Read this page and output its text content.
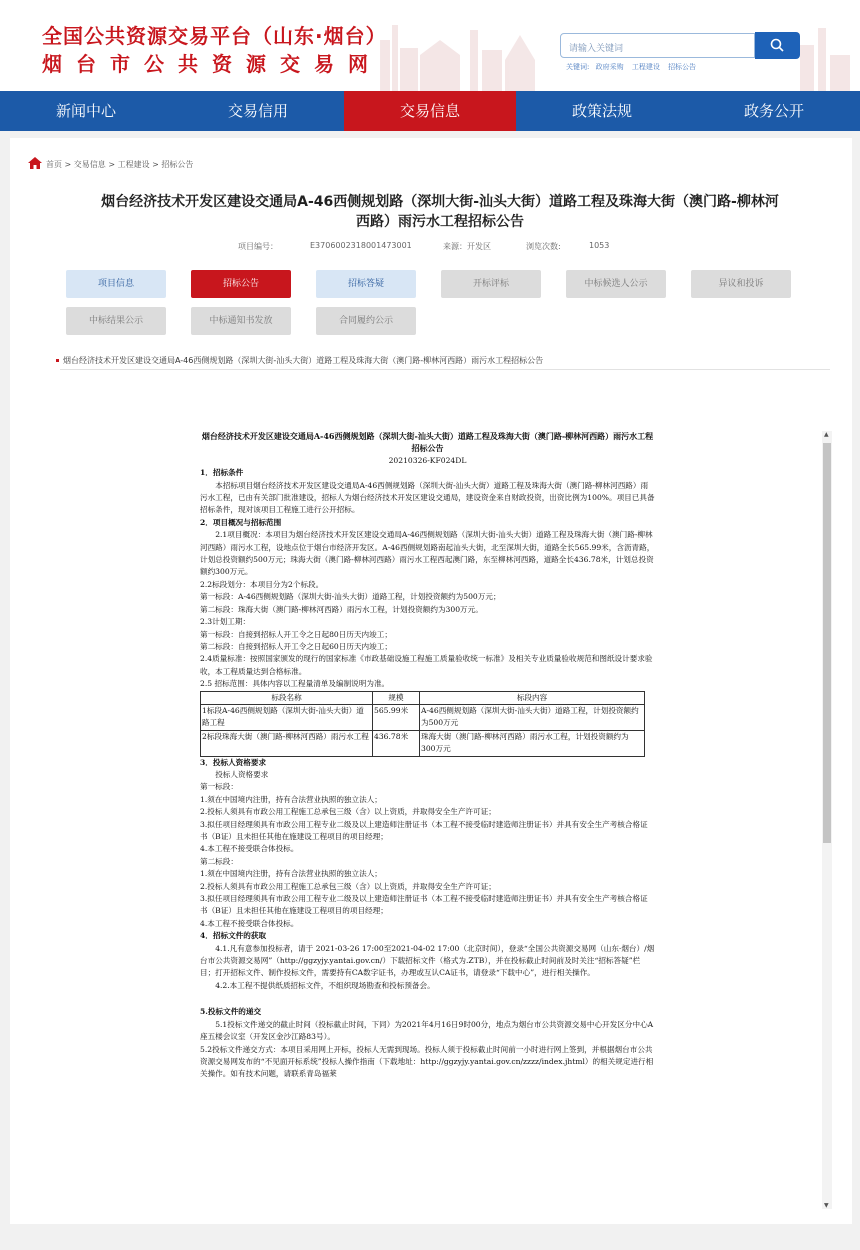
全国公共资源交易平台（山东·烟台）
烟台市公共资源交易网
请输入关键词
关键词: 政府采购 工程建设 招标公告
新闻中心	交易信用	交易信息	政策法规	政务公开
首页 > 交易信息 > 工程建设 > 招标公告
烟台经济技术开发区建设交通局A-46西侧规划路（深圳大街-汕头大街）道路工程及珠海大街（澳门路-柳林河西路）雨污水工程招标公告
项目编号：	E3706002318001473001	来源：开发区	浏览次数:	1053
项目信息	招标公告	招标答疑	开标评标	中标候选人公示	异议和投诉
中标结果公示	中标通知书发放	合同履约公示
烟台经济技术开发区建设交通局A-46西侧规划路（深圳大街-汕头大街）道路工程及珠海大街（澳门路-柳林河西路）雨污水工程招标公告

烟台经济技术开发区建设交通局A-46西侧规划路（深圳大街-汕头大街）道路工程及珠海大街（澳门路-柳林河西路）雨污水工程招标公告

20210326-KF024DL

1．招标条件

本招标项目烟台经济技术开发区建设交通局A-46西侧规划路（深圳大街-汕头大街）道路工程及珠海大街（澳门路-柳林河西路）雨污水工程，已由有关部门批准建设，招标人为烟台经济技术开发区建设交通局，建设资金来自财政投资，出资比例为100%。项目已具备招标条件，现对该项目工程施工进行公开招标。

2．项目概况与招标范围

2.1项目概况：本项目为烟台经济技术开发区建设交通局A-46西侧规划路（深圳大街-汕头大街）道路工程及珠海大街（澳门路-柳林河西路）雨污水工程，设地点位于烟台市经济开发区。A-46西侧规划路南起汕头大街，北至深圳大街，道路全长565.99米，含沥青路，计划总投资额约500万元；珠海大街（澳门路-柳林河西路）雨污水工程西起澳门路，东至柳林河西路，道路全长436.78米，计划总投资额约300万元。

2.2标段划分：本项目分为2个标段。

第一标段：A-46西侧规划路（深圳大街-汕头大街）道路工程，计划投资额约为500万元；

第二标段：珠海大街（澳门路-柳林河西路）雨污水工程，计划投资额约为300万元。

2.3计划工期：

第一标段：自接到招标人开工令之日起80日历天内竣工；

第二标段：自接到招标人开工令之日起60日历天内竣工；

2.4质量标准：按照国家颁发的现行的国家标准《市政基础设施工程施工质量验收统一标准》及相关专业质量验收规范和图纸设计要求验收，本工程质量达到合格标准。

2.5 招标范围：具体内容以工程量清单及编制说明为准。

标段名称	规模	标段内容
1标段A-46西侧规划路（深圳大街-汕头大街）道路工程	565.99米	A-46西侧规划路（深圳大街-汕头大街）道路工程，计划投资额约为500万元
2标段珠海大街（澳门路-柳林河西路）雨污水工程	436.78米	珠海大街（澳门路-柳林河西路）雨污水工程，计划投资额约为300万元

3．投标人资格要求

投标人资格要求

第一标段：

1.须在中国境内注册，持有合法营业执照的独立法人；

2.投标人须具有市政公用工程施工总承包三级（含）以上资质，并取得安全生产许可证；

3.拟任项目经理须具有市政公用工程专业二级及以上建造师注册证书（本工程不接受临时建造师注册证书）并具有安全生产考核合格证书（B证）且未担任其他在施建设工程项目的项目经理；

4.本工程不接受联合体投标。

第二标段：

1.须在中国境内注册，持有合法营业执照的独立法人；

2.投标人须具有市政公用工程施工总承包三级（含）以上资质，并取得安全生产许可证；

3.拟任项目经理须具有市政公用工程专业二级及以上建造师注册证书（本工程不接受临时建造师注册证书）并具有安全生产考核合格证书（B证）且未担任其他在施建设工程项目的项目经理；

4.本工程不接受联合体投标。

4．招标文件的获取

4.1.凡有意参加投标者，请于 2021-03-26 17:00至2021-04-02 17:00（北京时间），登录“全国公共资源交易网（山东·烟台）/烟台市公共资源交易网”（http://ggzyjy.yantai.gov.cn/）下载招标文件（格式为.ZTB），并在投标截止时间前及时关注“招标答疑”栏目；打开招标文件、制作投标文件，需要持有CA数字证书，办理或互认CA证书，请登录“下载中心”，进行相关操作。

4.2.本工程不提供纸质招标文件，不组织现场勘查和投标预备会。

5.投标文件的递交

5.1投标文件递交的截止时间（投标截止时间，下同）为2021年4月16日9时00分，地点为烟台市公共资源交易中心开发区分中心A座五楼会议室（开发区金沙江路83号）。

5.2投标文件递交方式：本项目采用网上开标，投标人无需到现场。投标人须于投标截止时间前一小时进行网上签到，并根据烟台市公共资源交易网发布的“不见面开标系统”投标人操作指南（下载地址：http://ggzyjy.yantai.gov.cn/zzzz/index.jhtml）的相关规定进行相关操作。如有技术问题，请联系青岛福莱

▲
▼
